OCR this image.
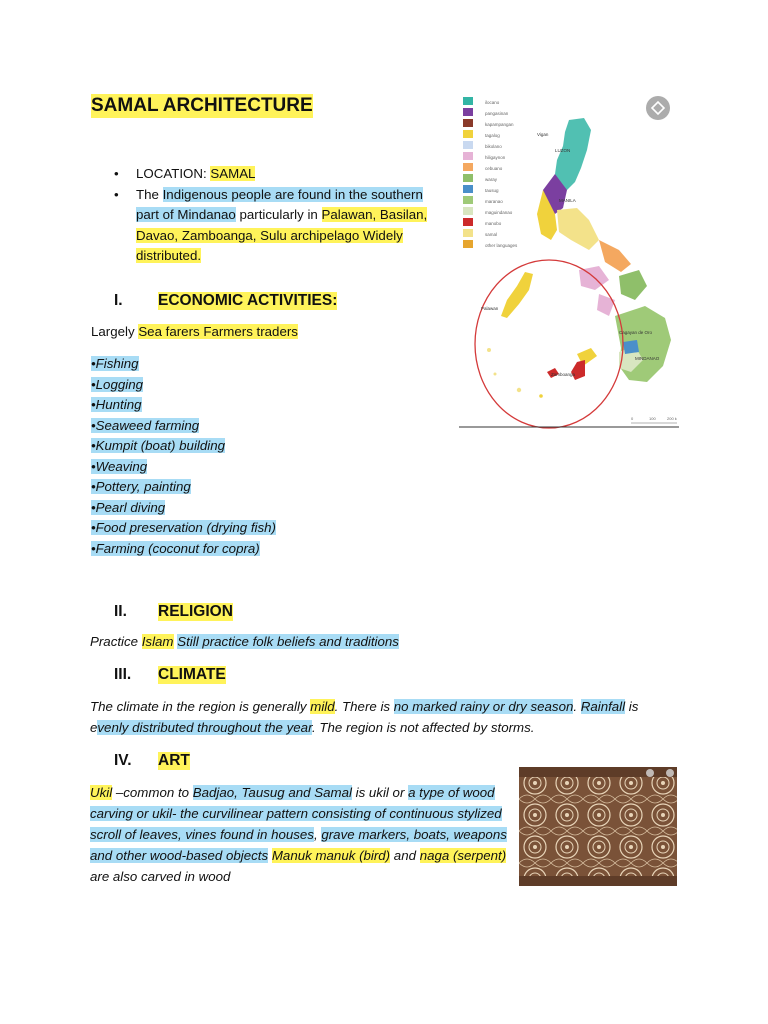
SAMAL ARCHITECTURE
•	LOCATION: SAMAL
•	The Indigenous people are found in the southern part of Mindanao particularly in Palawan, Basilan, Davao, Zamboanga, Sulu archipelago Widely distributed.
I. ECONOMIC ACTIVITIES:
Largely Sea farers Farmers traders
•Fishing
•Logging
•Hunting
•Seaweed farming
•Kumpit (boat) building
•Weaving
•Pottery, painting
•Pearl diving
•Food preservation (drying fish)
•Farming (coconut for copra)
II. RELIGION
Practice Islam Still practice folk beliefs and traditions
III. CLIMATE
The climate in the region is generally mild. There is no marked rainy or dry season. Rainfall is evenly distributed throughout the year. The region is not affected by storms.
IV. ART
Ukil –common to Badjao, Tausug and Samal is ukil or a type of wood carving or ukil- the curvilinear pattern consisting of continuous stylized scroll of leaves, vines found in houses, grave markers, boats, weapons and other wood-based objects Manuk manuk (bird) and naga (serpent) are also carved in wood
ilocano
pangasinan
kapampangan
tagalog
bikolano
hiligaynon
cebuano
waray
tausug
maranao
maguindanao
manobo
samal
other languages
0	100	200 k
LUZON
MANILA
MINDANAO
Zamboanga
Palawan
Cagayan de Oro
Vigan
